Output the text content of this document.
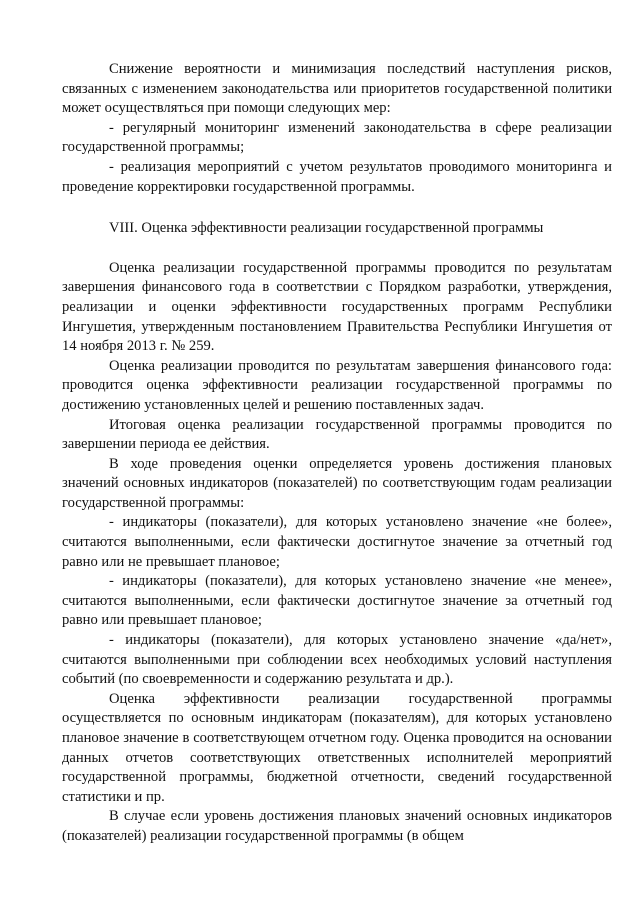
Снижение вероятности и минимизация последствий наступления рисков, связанных с изменением законодательства или приоритетов государственной политики может осуществляться при помощи следующих мер:

- регулярный мониторинг изменений законодательства в сфере реализации государственной программы;

- реализация мероприятий с учетом результатов проводимого мониторинга и проведение корректировки государственной программы.

VIII. Оценка эффективности реализации государственной программы

Оценка реализации государственной программы проводится по результатам завершения финансового года в соответствии с Порядком разработки, утверждения, реализации и оценки эффективности государственных программ Республики Ингушетия, утвержденным постановлением Правительства Республики Ингушетия от 14 ноября 2013 г. № 259.

Оценка реализации проводится по результатам завершения финансового года: проводится оценка эффективности реализации государственной программы по достижению установленных целей и решению поставленных задач.

Итоговая оценка реализации государственной программы проводится по завершении периода ее действия.

В ходе проведения оценки определяется уровень достижения плановых значений основных индикаторов (показателей) по соответствующим годам реализации государственной программы:

- индикаторы (показатели), для которых установлено значение «не более», считаются выполненными, если фактически достигнутое значение за отчетный год равно или не превышает плановое;

- индикаторы (показатели), для которых установлено значение «не менее», считаются выполненными, если фактически достигнутое значение за отчетный год равно или превышает плановое;

- индикаторы (показатели), для которых установлено значение «да/нет», считаются выполненными при соблюдении всех необходимых условий наступления событий (по своевременности и содержанию результата и др.).

Оценка эффективности реализации государственной программы осуществляется по основным индикаторам (показателям), для которых установлено плановое значение в соответствующем отчетном году. Оценка проводится на основании данных отчетов соответствующих ответственных исполнителей мероприятий государственной программы, бюджетной отчетности, сведений государственной статистики и пр.

В случае если уровень достижения плановых значений основных индикаторов (показателей) реализации государственной программы (в общем
